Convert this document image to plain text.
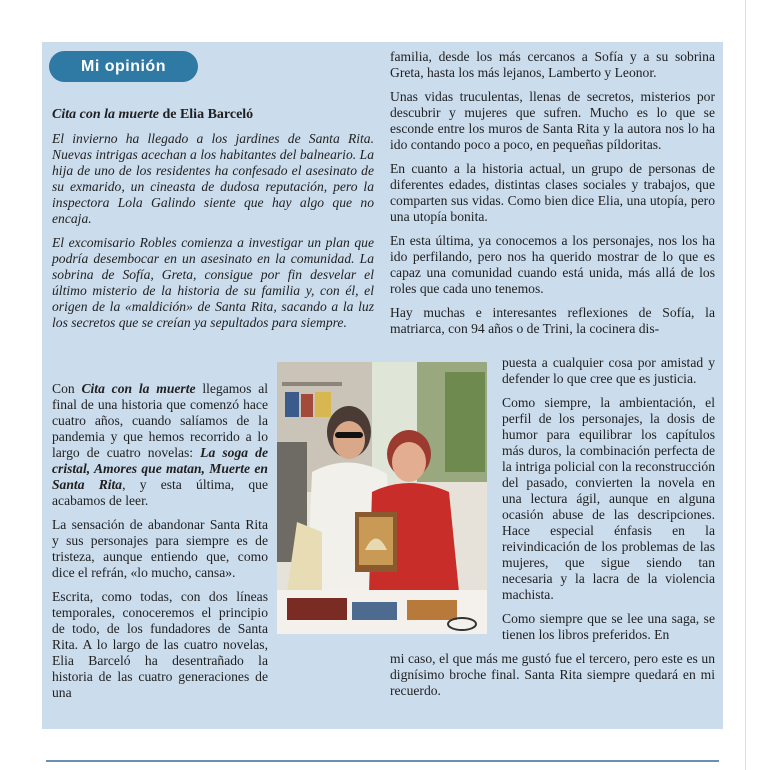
Mi opinión

Cita con la muerte de Elia Barceló

El invierno ha llegado a los jardines de Santa Rita. Nuevas intrigas acechan a los habitantes del balneario. La hija de uno de los residentes ha confesado el asesinato de su exmarido, un cineasta de dudosa reputación, pero la inspectora Lola Galindo siente que hay algo que no encaja.

El excomisario Robles comienza a investigar un plan que podría desembocar en un asesinato en la comunidad. La sobrina de Sofía, Greta, consigue por fin desvelar el último misterio de la historia de su familia y, con él, el origen de la «maldición» de Santa Rita, sacando a la luz los secretos que se creían ya sepultados para siempre.

Con Cita con la muerte llegamos al final de una historia que comenzó hace cuatro años, cuando salíamos de la pandemia y que hemos recorrido a lo largo de cuatro novelas: La soga de cristal, Amores que matan, Muerte en Santa Rita, y esta última, que acabamos de leer.

La sensación de abandonar Santa Rita y sus personajes para siempre es de tristeza, aunque entiendo que, como dice el refrán, «lo mucho, cansa».

Escrita, como todas, con dos líneas temporales, conoceremos el principio de todo, de los fundadores de Santa Rita. A lo largo de las cuatro novelas, Elia Barceló ha desentrañado la historia de las cuatro generaciones de una

familia, desde los más cercanos a Sofía y a su sobrina Greta, hasta los más lejanos, Lamberto y Leonor.

Unas vidas truculentas, llenas de secretos, misterios por descubrir y mujeres que sufren. Mucho es lo que se esconde entre los muros de Santa Rita y la autora nos lo ha ido contando poco a poco, en pequeñas píldoritas.

En cuanto a la historia actual, un grupo de personas de diferentes edades, distintas clases sociales y trabajos, que comparten sus vidas. Como bien dice Elia, una utopía, pero una utopía bonita.

En esta última, ya conocemos a los personajes, nos los ha ido perfilando, pero nos ha querido mostrar de lo que es capaz una comunidad cuando está unida, más allá de los roles que cada uno tenemos.

Hay muchas e interesantes reflexiones de Sofía, la matriarca, con 94 años o de Trini, la cocinera dis-

puesta a cualquier cosa por amistad y defender lo que cree que es justicia.

Como siempre, la ambientación, el perfil de los personajes, la dosis de humor para equilibrar los capítulos más duros, la combinación perfecta de la intriga policial con la reconstrucción del pasado, convierten la novela en una lectura ágil, aunque en alguna ocasión abuse de las descripciones. Hace especial énfasis en la reivindicación de los problemas de las mujeres, que sigue siendo tan necesaria y la lacra de la violencia machista.

Como siempre que se lee una saga, se tienen los libros preferidos. En

mi caso, el que más me gustó fue el tercero, pero este es un dignísimo broche final. Santa Rita siempre quedará en mi recuerdo.
